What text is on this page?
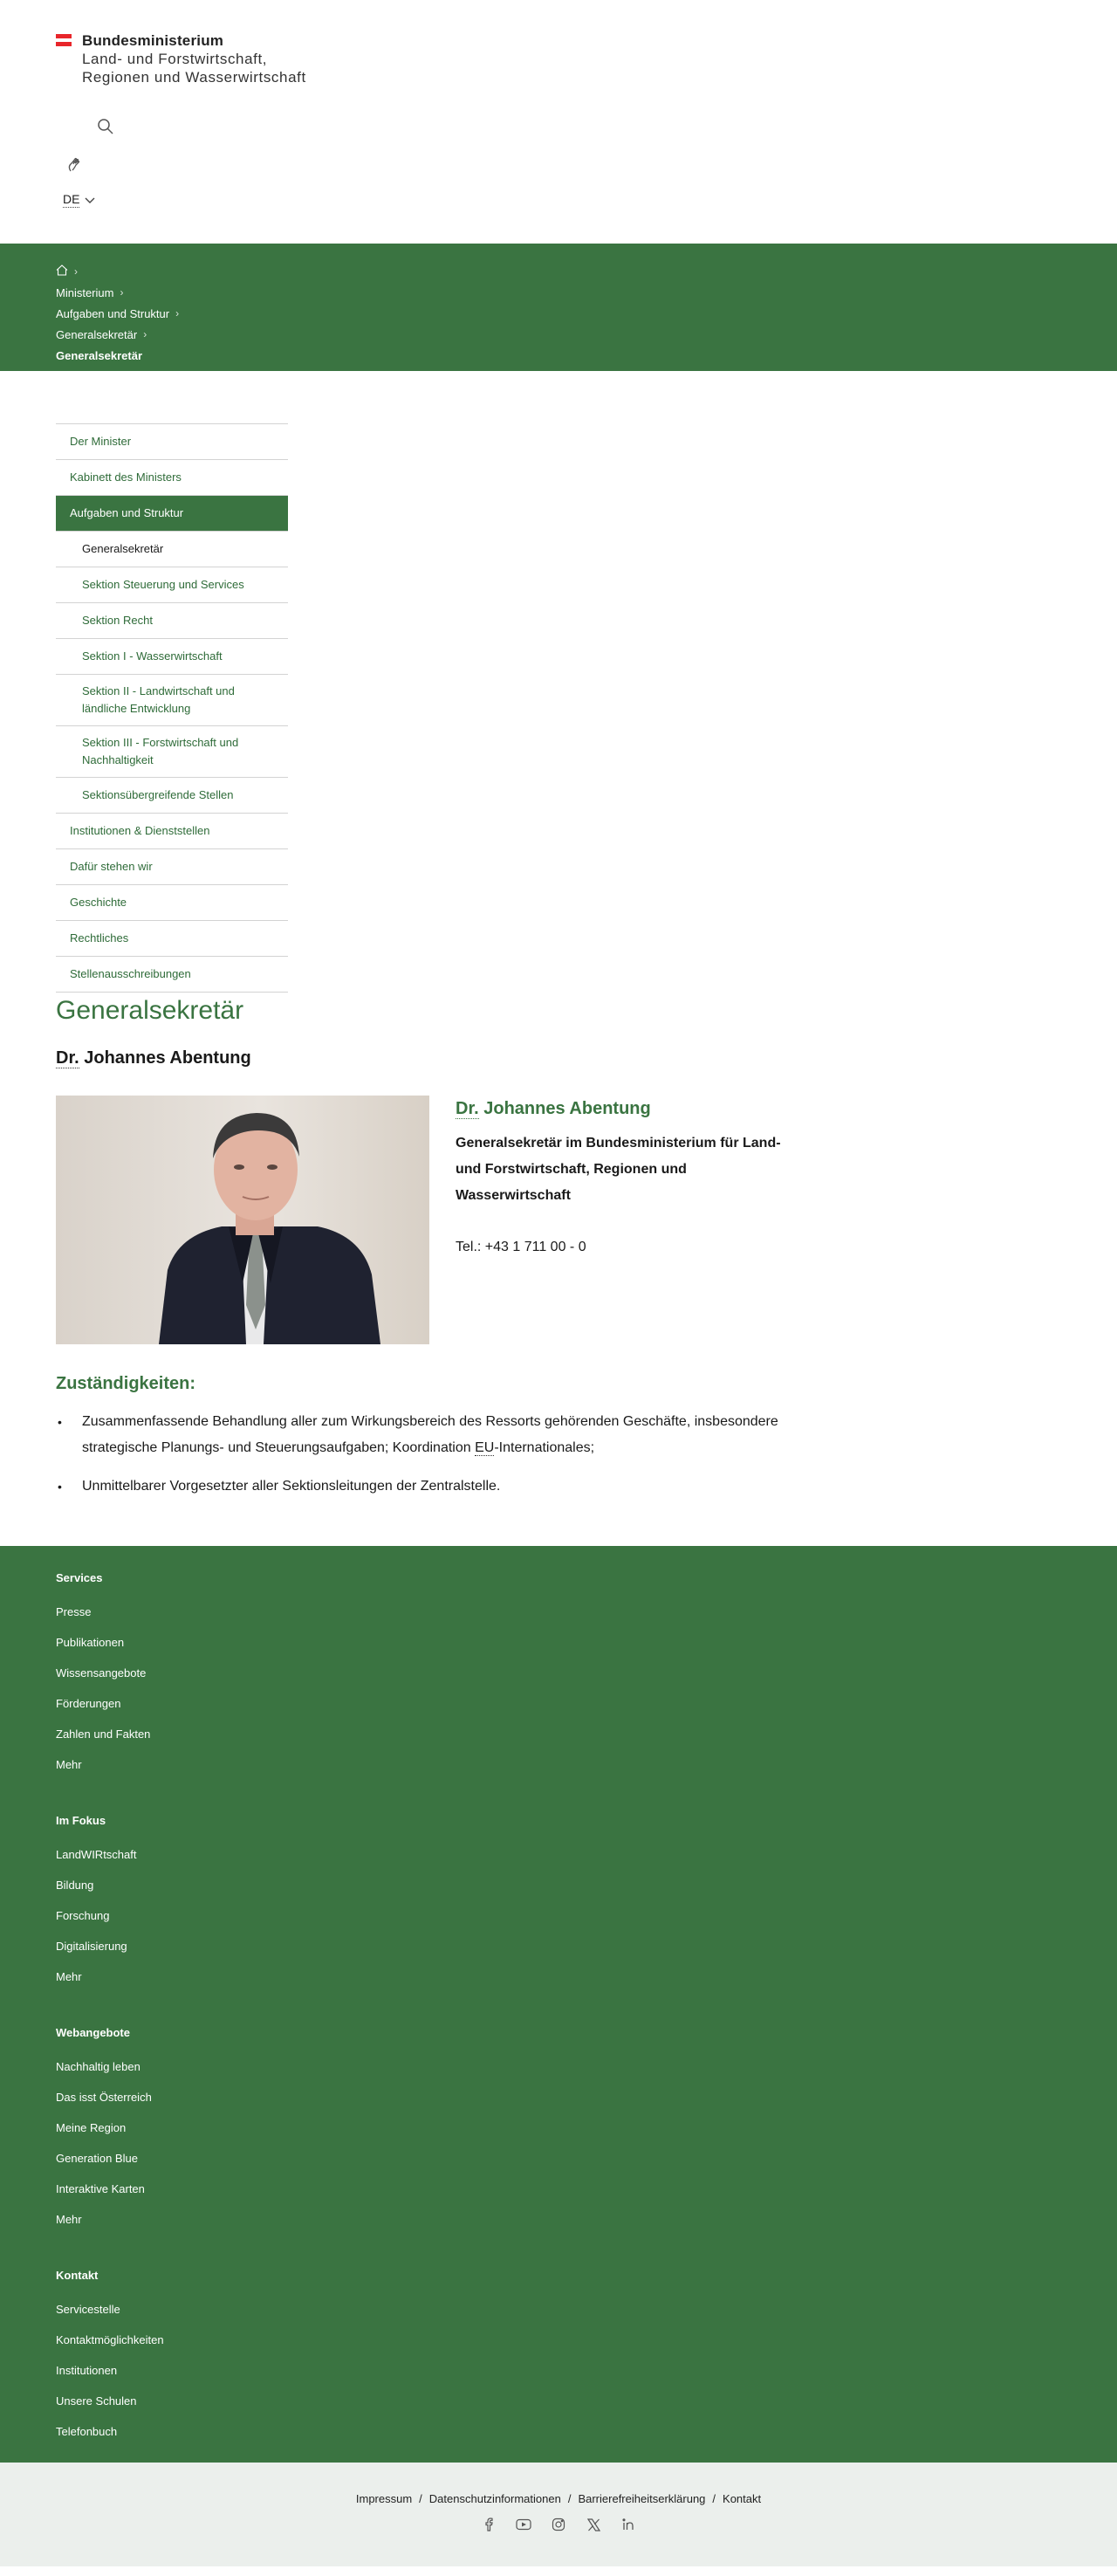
Bundesministerium
Land- und Forstwirtschaft,
Regionen und Wasserwirtschaft
DE
›
Ministerium ›
Aufgaben und Struktur ›
Generalsekretär ›
Generalsekretär
Der Minister
Kabinett des Ministers
Aufgaben und Struktur
Generalsekretär
Sektion Steuerung und Services
Sektion Recht
Sektion I - Wasserwirtschaft
Sektion II - Landwirtschaft und ländliche Entwicklung
Sektion III - Forstwirtschaft und Nachhaltigkeit
Sektionsübergreifende Stellen
Institutionen & Dienststellen
Dafür stehen wir
Geschichte
Rechtliches
Stellenausschreibungen
Generalsekretär
Dr. Johannes Abentung
Dr. Johannes Abentung
Generalsekretär im Bundesministerium für Land- und Forstwirtschaft, Regionen und Wasserwirtschaft
Tel.: +43 1 711 00 - 0
Zuständigkeiten:
• Zusammenfassende Behandlung aller zum Wirkungsbereich des Ressorts gehörenden Geschäfte, insbesondere strategische Planungs- und Steuerungsaufgaben; Koordination EU-Internationales;
• Unmittelbarer Vorgesetzter aller Sektionsleitungen der Zentralstelle.
Services
Presse
Publikationen
Wissensangebote
Förderungen
Zahlen und Fakten
Mehr
Im Fokus
LandWIRtschaft
Bildung
Forschung
Digitalisierung
Mehr
Webangebote
Nachhaltig leben
Das isst Österreich
Meine Region
Generation Blue
Interaktive Karten
Mehr
Kontakt
Servicestelle
Kontaktmöglichkeiten
Institutionen
Unsere Schulen
Telefonbuch
Impressum / Datenschutzinformationen / Barrierefreiheitserklärung / Kontakt
